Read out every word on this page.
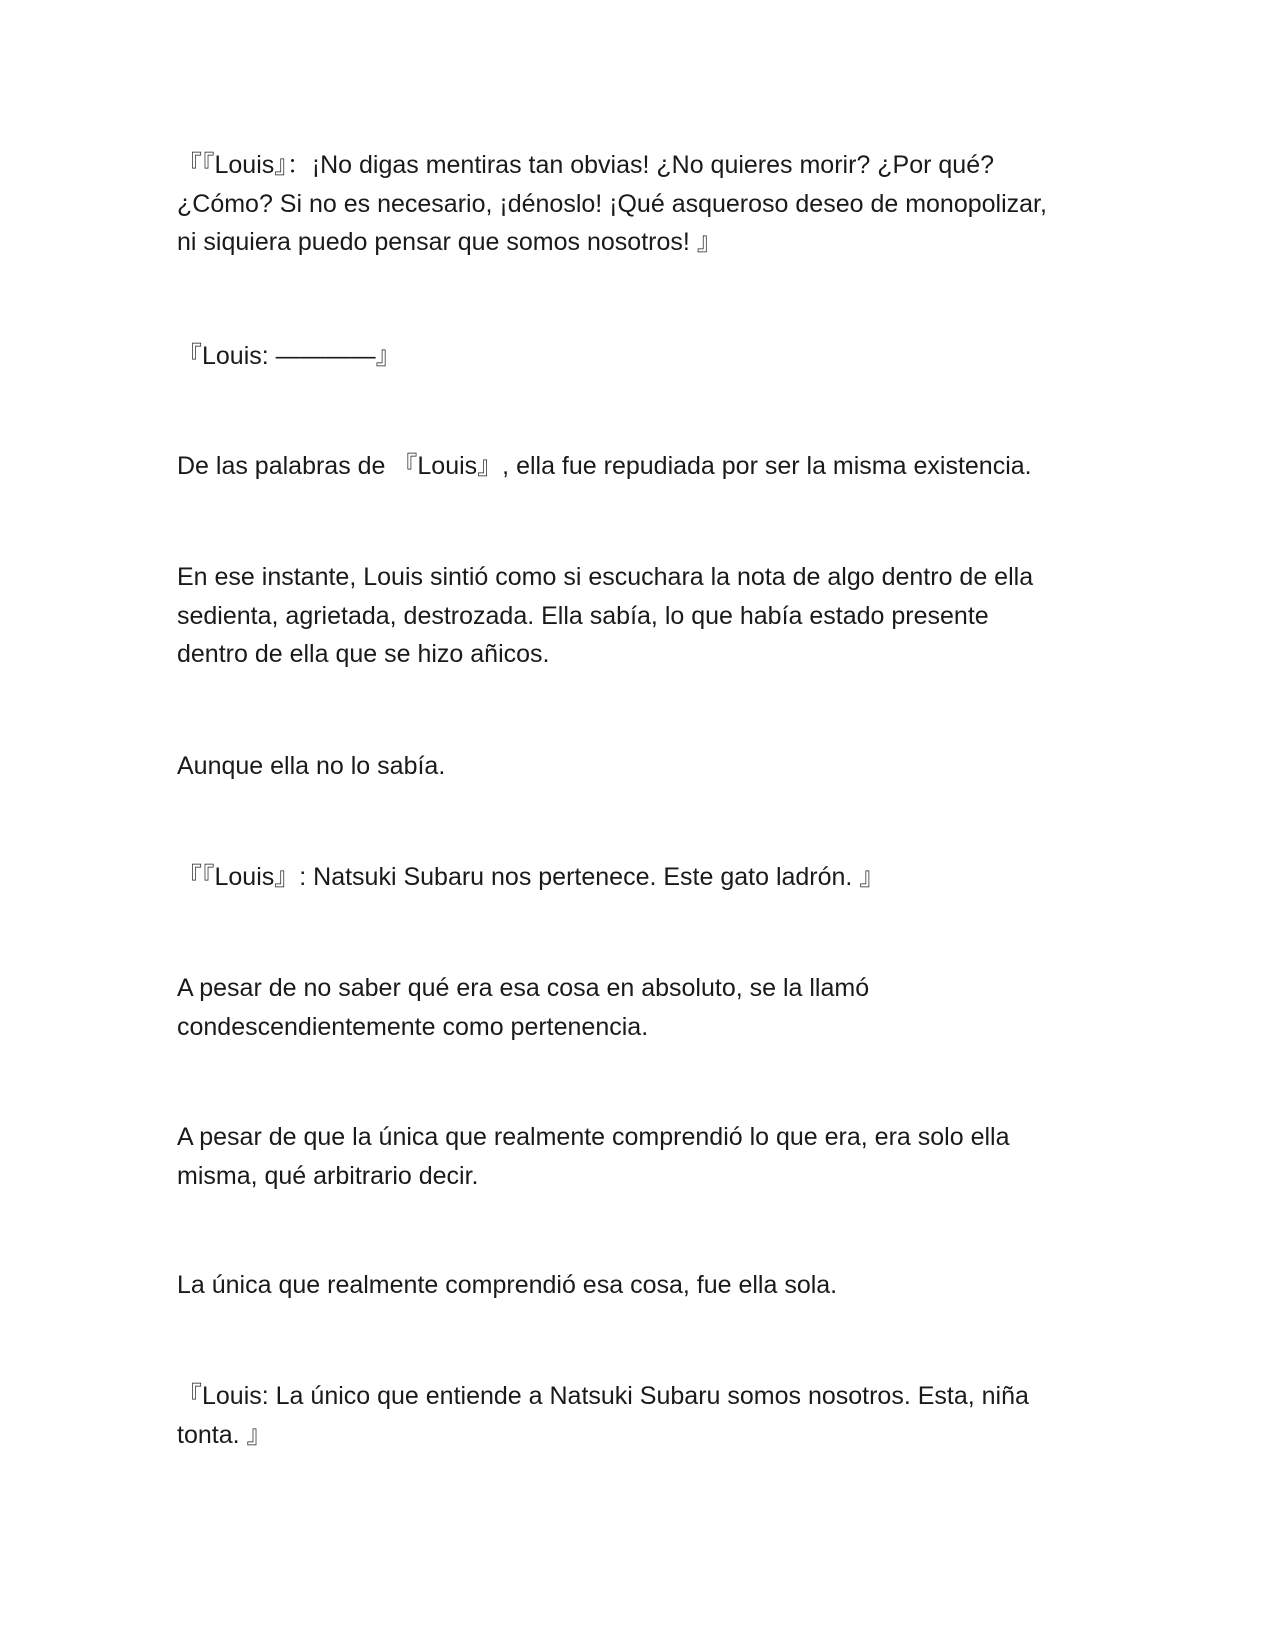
『『Louis』：¡No digas mentiras tan obvias! ¿No quieres morir? ¿Por qué?
¿Cómo? Si no es necesario, ¡dénoslo! ¡Qué asqueroso deseo de monopolizar,
ni siquiera puedo pensar que somos nosotros! 』

『Louis: ————』

De las palabras de 『Louis』, ella fue repudiada por ser la misma existencia.

En ese instante, Louis sintió como si escuchara la nota de algo dentro de ella
sedienta, agrietada, destrozada. Ella sabía, lo que había estado presente
dentro de ella que se hizo añicos.

Aunque ella no lo sabía.

『『Louis』: Natsuki Subaru nos pertenece. Este gato ladrón. 』

A pesar de no saber qué era esa cosa en absoluto, se la llamó
condescendientemente como pertenencia.

A pesar de que la única que realmente comprendió lo que era, era solo ella
misma, qué arbitrario decir.

La única que realmente comprendió esa cosa, fue ella sola.

『Louis: La único que entiende a Natsuki Subaru somos nosotros. Esta, niña
tonta. 』
